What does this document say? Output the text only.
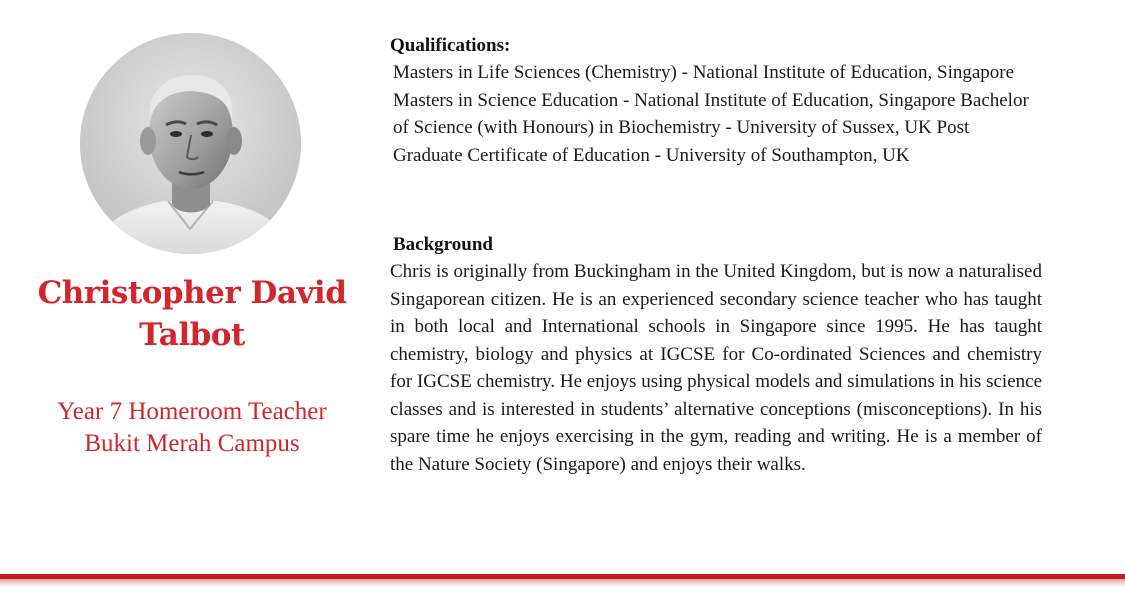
Christopher David Talbot
Year 7 Homeroom Teacher
Bukit Merah Campus
Qualifications:
Masters in Life Sciences (Chemistry) - National Institute of Education, Singapore Masters in Science Education - National Institute of Education, Singapore Bachelor of Science (with Honours) in Biochemistry - University of Sussex, UK Post Graduate Certificate of Education - University of Southampton, UK
Background
Chris is originally from Buckingham in the United Kingdom, but is now a naturalised Singaporean citizen. He is an experienced secondary science teacher who has taught in both local and International schools in Singapore since 1995. He has taught chemistry, biology and physics at IGCSE for Co-ordinated Sciences and chemistry for IGCSE chemistry. He enjoys using physical models and simulations in his science classes and is interested in students’ alternative conceptions (misconceptions). In his spare time he enjoys exercising in the gym, reading and writing. He is a member of the Nature Society (Singapore) and enjoys their walks.
